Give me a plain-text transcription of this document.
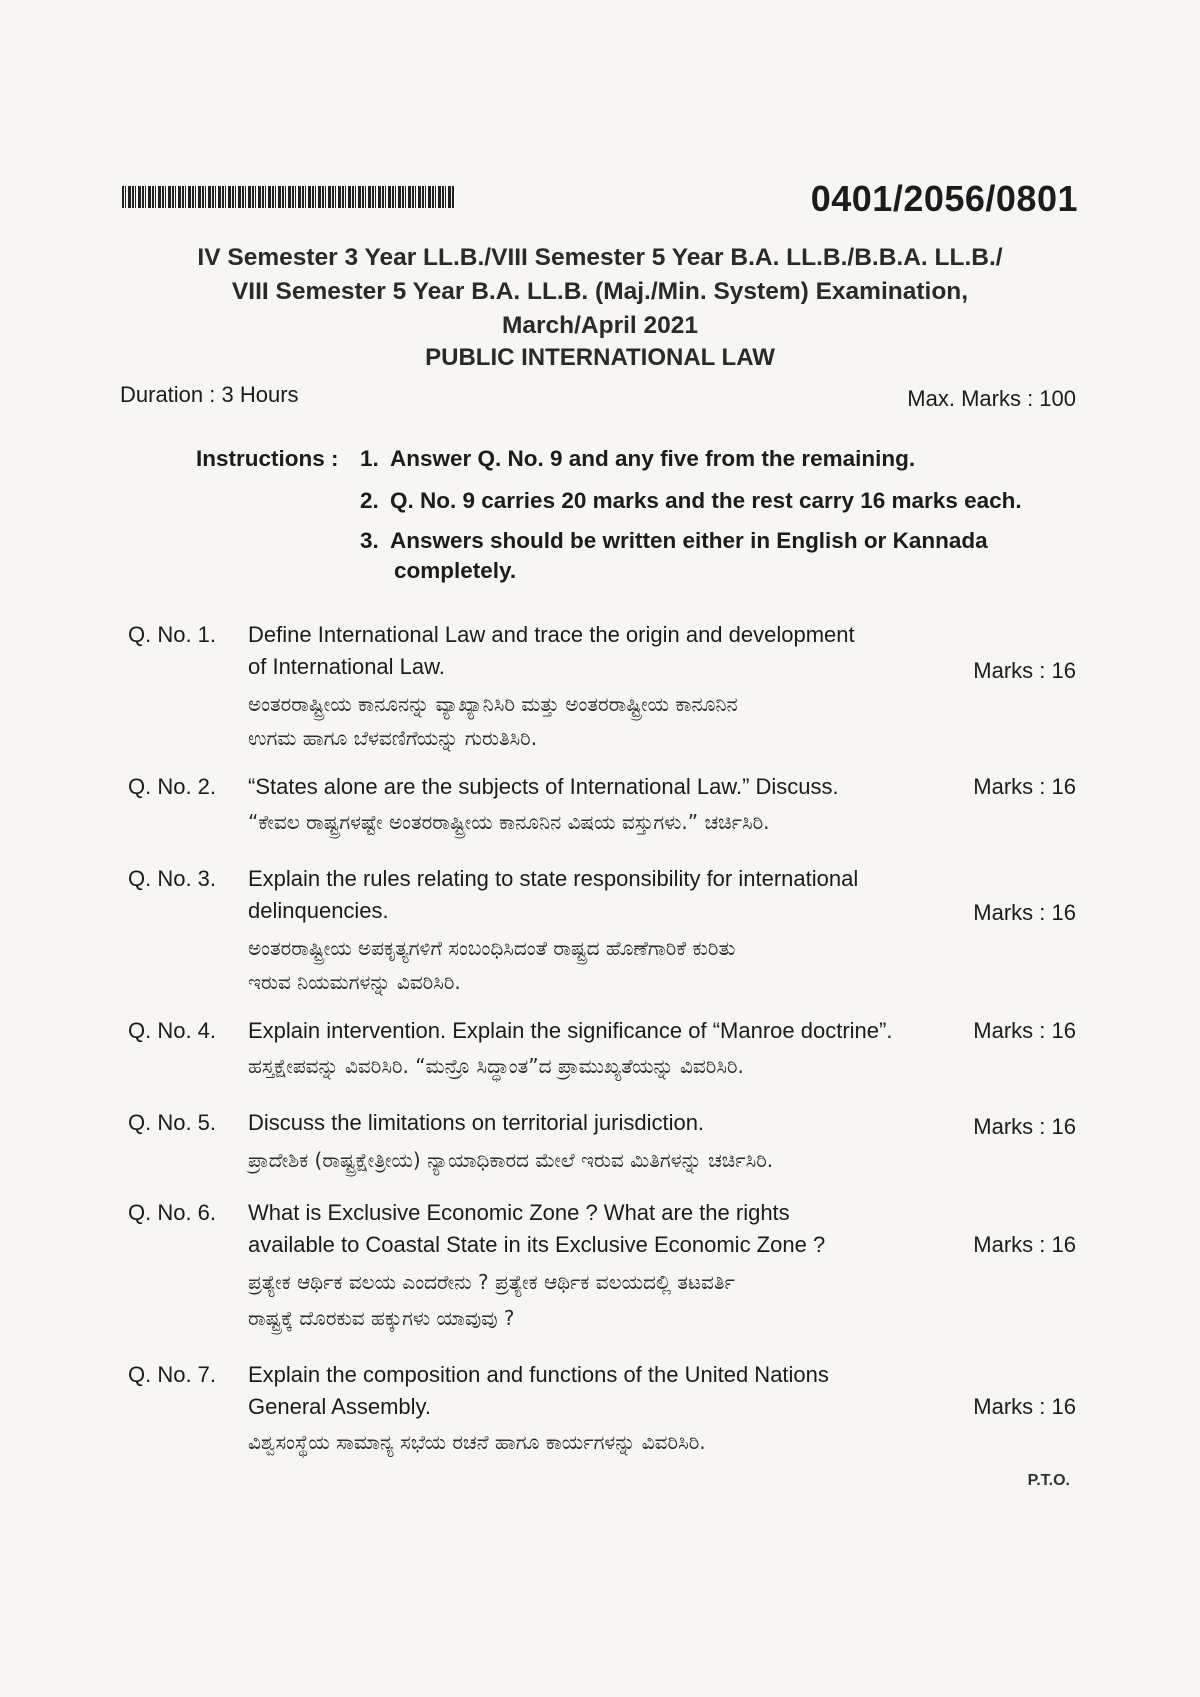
0401/2056/0801
IV Semester 3 Year LL.B./VIII Semester 5 Year B.A. LL.B./B.B.A. LL.B./
VIII Semester 5 Year B.A. LL.B. (Maj./Min. System) Examination,
March/April 2021
PUBLIC INTERNATIONAL LAW
Duration : 3 Hours	Max. Marks : 100
Instructions : 1. Answer Q. No. 9 and any five from the remaining.
2. Q. No. 9 carries 20 marks and the rest carry 16 marks each.
3. Answers should be written either in English or Kannada
completely.
Q. No. 1. Define International Law and trace the origin and development
of International Law.	Marks : 16
ಅಂತರರಾಷ್ಟ್ರೀಯ ಕಾನೂನನ್ನು ವ್ಯಾಖ್ಯಾನಿಸಿರಿ ಮತ್ತು ಅಂತರರಾಷ್ಟ್ರೀಯ ಕಾನೂನಿನ
ಉಗಮ ಹಾಗೂ ಬೆಳವಣಿಗೆಯನ್ನು ಗುರುತಿಸಿರಿ.
Q. No. 2. “States alone are the subjects of International Law.” Discuss.	Marks : 16
“ಕೇವಲ ರಾಷ್ಟ್ರಗಳಷ್ಟೇ ಅಂತರರಾಷ್ಟ್ರೀಯ ಕಾನೂನಿನ ವಿಷಯ ವಸ್ತುಗಳು.” ಚರ್ಚಿಸಿರಿ.
Q. No. 3. Explain the rules relating to state responsibility for international
delinquencies.	Marks : 16
ಅಂತರರಾಷ್ಟ್ರೀಯ ಅಪಕೃತ್ಯಗಳಿಗೆ ಸಂಬಂಧಿಸಿದಂತೆ ರಾಷ್ಟ್ರದ ಹೊಣೆಗಾರಿಕೆ ಕುರಿತು
ಇರುವ ನಿಯಮಗಳನ್ನು ವಿವರಿಸಿರಿ.
Q. No. 4. Explain intervention. Explain the significance of “Manroe doctrine”.	Marks : 16
ಹಸ್ತಕ್ಷೇಪವನ್ನು ವಿವರಿಸಿರಿ. “ಮನ್ರೊ ಸಿದ್ಧಾಂತ”ದ ಪ್ರಾಮುಖ್ಯತೆಯನ್ನು ವಿವರಿಸಿರಿ.
Q. No. 5. Discuss the limitations on territorial jurisdiction.	Marks : 16
ಪ್ರಾದೇಶಿಕ (ರಾಷ್ಟ್ರಕ್ಷೇತ್ರೀಯ) ನ್ಯಾಯಾಧಿಕಾರದ ಮೇಲೆ ಇರುವ ಮಿತಿಗಳನ್ನು ಚರ್ಚಿಸಿರಿ.
Q. No. 6. What is Exclusive Economic Zone ? What are the rights
available to Coastal State in its Exclusive Economic Zone ?	Marks : 16
ಪ್ರತ್ಯೇಕ ಆರ್ಥಿಕ ವಲಯ ಎಂದರೇನು ? ಪ್ರತ್ಯೇಕ ಆರ್ಥಿಕ ವಲಯದಲ್ಲಿ ತಟವರ್ತಿ
ರಾಷ್ಟ್ರಕ್ಕೆ ದೊರಕುವ ಹಕ್ಕುಗಳು ಯಾವುವು ?
Q. No. 7. Explain the composition and functions of the United Nations
General Assembly.	Marks : 16
ವಿಶ್ವಸಂಸ್ಥೆಯ ಸಾಮಾನ್ಯ ಸಭೆಯ ರಚನೆ ಹಾಗೂ ಕಾರ್ಯಗಳನ್ನು ವಿವರಿಸಿರಿ.
P.T.O.
